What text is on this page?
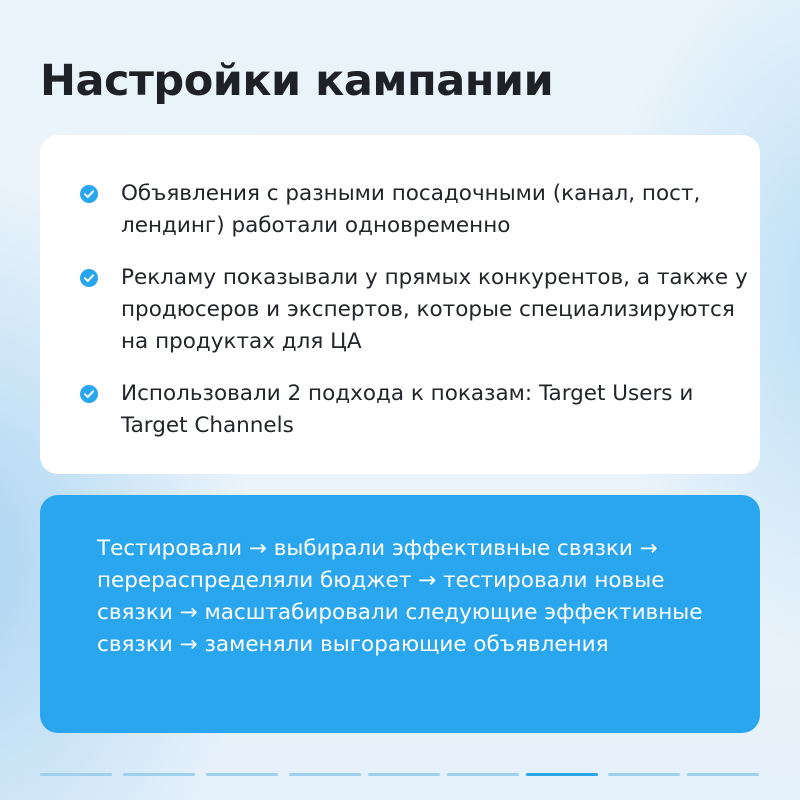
Настройки кампании

Объявления с разными посадочными (канал, пост, лендинг) работали одновременно

Рекламу показывали у прямых конкурентов, а также у продюсеров и экспертов, которые специализируются на продуктах для ЦА

Использовали 2 подхода к показам: Target Users и Target Channels

Тестировали → выбирали эффективные связки → перераспределяли бюджет → тестировали новые связки → масштабировали следующие эффективные связки → заменяли выгорающие объявления
